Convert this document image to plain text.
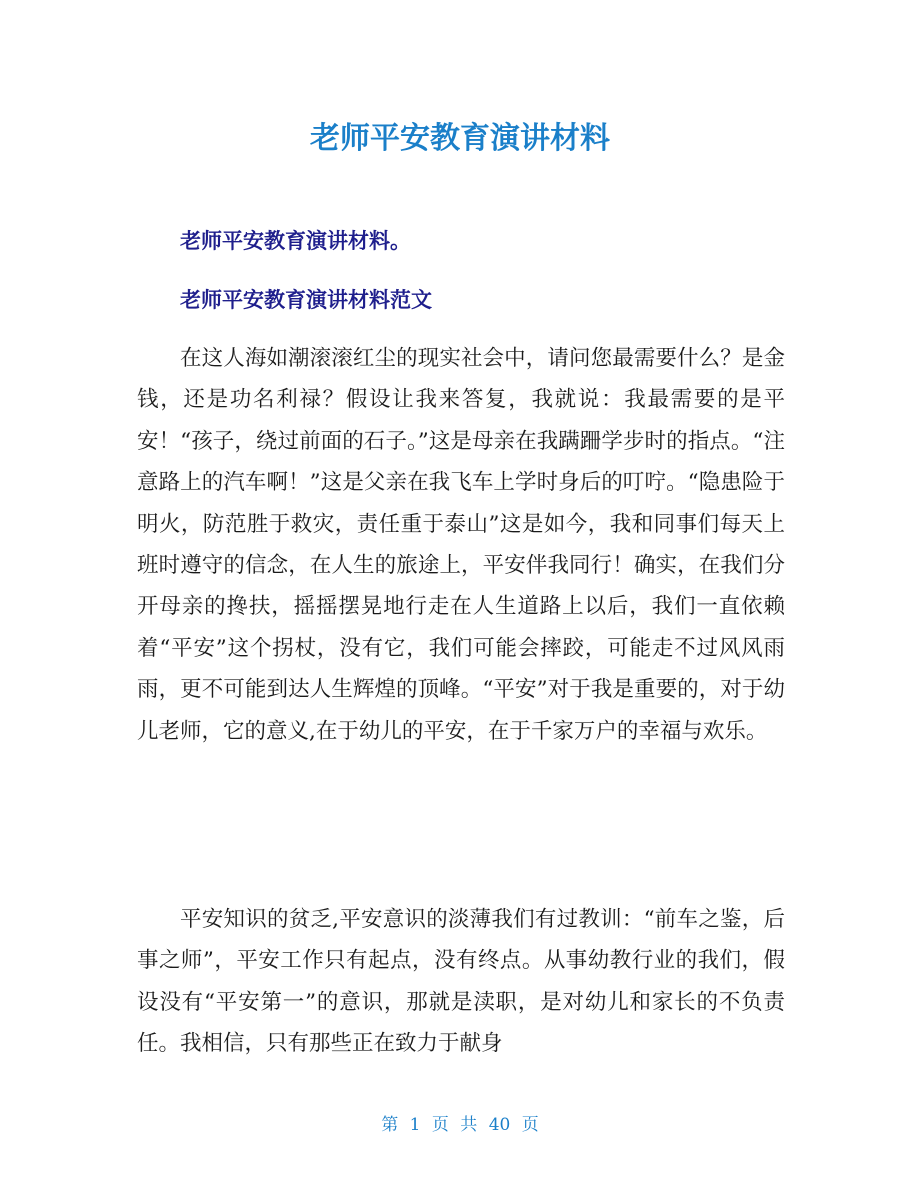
老师平安教育演讲材料
老师平安教育演讲材料。
老师平安教育演讲材料范文

在这人海如潮滚滚红尘的现实社会中，请问您最需要什么？是金钱，还是功名利禄？假设让我来答复，我就说：我最需要的是平安！“孩子，绕过前面的石子。”这是母亲在我蹒跚学步时的指点。“注意路上的汽车啊！”这是父亲在我飞车上学时身后的叮咛。“隐患险于明火，防范胜于救灾，责任重于泰山”这是如今，我和同事们每天上班时遵守的信念，在人生的旅途上，平安伴我同行！确实，在我们分开母亲的搀扶，摇摇摆晃地行走在人生道路上以后，我们一直依赖着“平安”这个拐杖，没有它，我们可能会摔跤，可能走不过风风雨雨，更不可能到达人生辉煌的顶峰。“平安”对于我是重要的，对于幼儿老师，它的意义,在于幼儿的平安，在于千家万户的幸福与欢乐。

平安知识的贫乏,平安意识的淡薄我们有过教训：“前车之鉴，后事之师”，平安工作只有起点，没有终点。从事幼教行业的我们，假设没有“平安第一”的意识，那就是渎职，是对幼儿和家长的不负责任。我相信，只有那些正在致力于献身

第 1 页 共 40 页
